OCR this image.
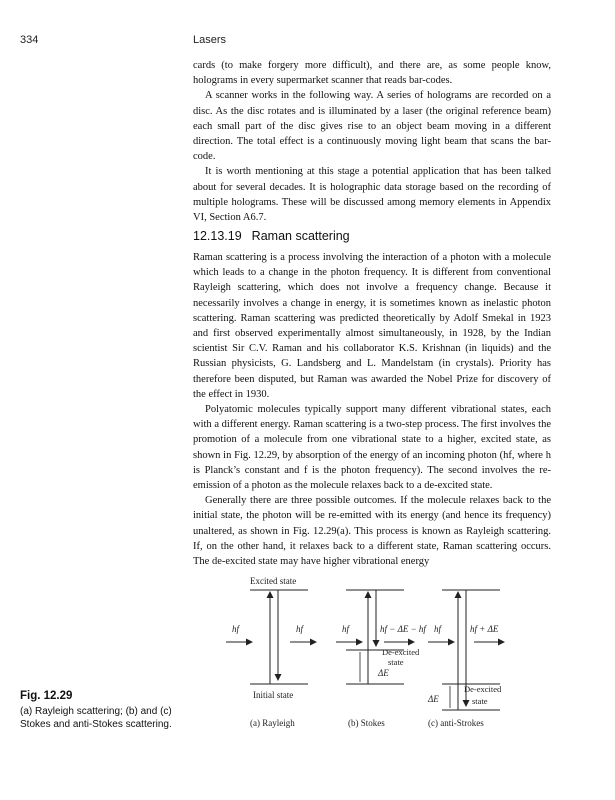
334	Lasers

cards (to make forgery more difficult), and there are, as some people know, holograms in every supermarket scanner that reads bar-codes.

A scanner works in the following way. A series of holograms are recorded on a disc. As the disc rotates and is illuminated by a laser (the original reference beam) each small part of the disc gives rise to an object beam moving in a different direction. The total effect is a continuously moving light beam that scans the bar-code.

It is worth mentioning at this stage a potential application that has been talked about for several decades. It is holographic data storage based on the recording of multiple holograms. These will be discussed among memory elements in Appendix VI, Section A6.7.

12.13.19 Raman scattering

Raman scattering is a process involving the interaction of a photon with a molecule which leads to a change in the photon frequency. It is different from conventional Rayleigh scattering, which does not involve a frequency change. Because it necessarily involves a change in energy, it is sometimes known as inelastic photon scattering. Raman scattering was predicted theoretically by Adolf Smekal in 1923 and first observed experimentally almost simultaneously, in 1928, by the Indian scientist Sir C.V. Raman and his collaborator K.S. Krishnan (in liquids) and the Russian physicists, G. Landsberg and L. Mandelstam (in crystals). Priority has therefore been disputed, but Raman was awarded the Nobel Prize for discovery of the effect in 1930.

Polyatomic molecules typically support many different vibrational states, each with a different energy. Raman scattering is a two-step process. The first involves the promotion of a molecule from one vibrational state to a higher, excited state, as shown in Fig. 12.29, by absorption of the energy of an incoming photon (hf, where h is Planck’s constant and f is the photon frequency). The second involves the re-emission of a photon as the molecule relaxes back to a de-excited state.

Generally there are three possible outcomes. If the molecule relaxes back to the initial state, the photon will be re-emitted with its energy (and hence its frequency) unaltered, as shown in Fig. 12.29(a). This process is known as Rayleigh scattering. If, on the other hand, it relaxes back to a different state, Raman scattering occurs. The de-excited state may have higher vibrational energy

Fig. 12.29
(a) Rayleigh scattering; (b) and (c) Stokes and anti-Stokes scattering.
Excited state
hf	hf
Initial state
hf	hf − ΔE − hf
De-excited
state
ΔE
hf	hf + ΔE
ΔE
De-excited
state
(a) Rayleigh	(b) Stokes	(c) anti-Strokes
